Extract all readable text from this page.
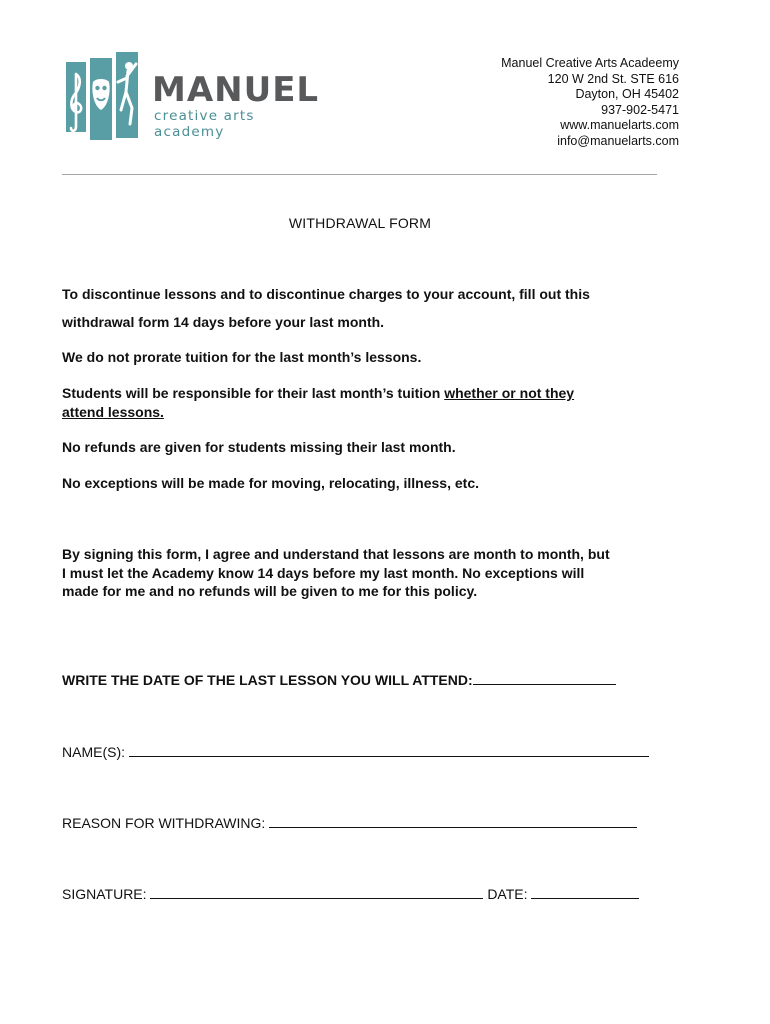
MANUEL
creative arts academy
Manuel Creative Arts Acadeemy
120 W 2nd St. STE 616
Dayton, OH 45402
937-902-5471
www.manuelarts.com
info@manuelarts.com
WITHDRAWAL FORM
To discontinue lessons and to discontinue charges to your account, fill out this
withdrawal form 14 days before your last month.
We do not prorate tuition for the last month’s lessons.
Students will be responsible for their last month’s tuition whether or not they
attend lessons.
No refunds are given for students missing their last month.
No exceptions will be made for moving, relocating, illness, etc.
By signing this form, I agree and understand that lessons are month to month, but
I must let the Academy know 14 days before my last month. No exceptions will
made for me and no refunds will be given to me for this policy.
WRITE THE DATE OF THE LAST LESSON YOU WILL ATTEND:
NAME(S):
REASON FOR WITHDRAWING:
SIGNATURE:	DATE:
